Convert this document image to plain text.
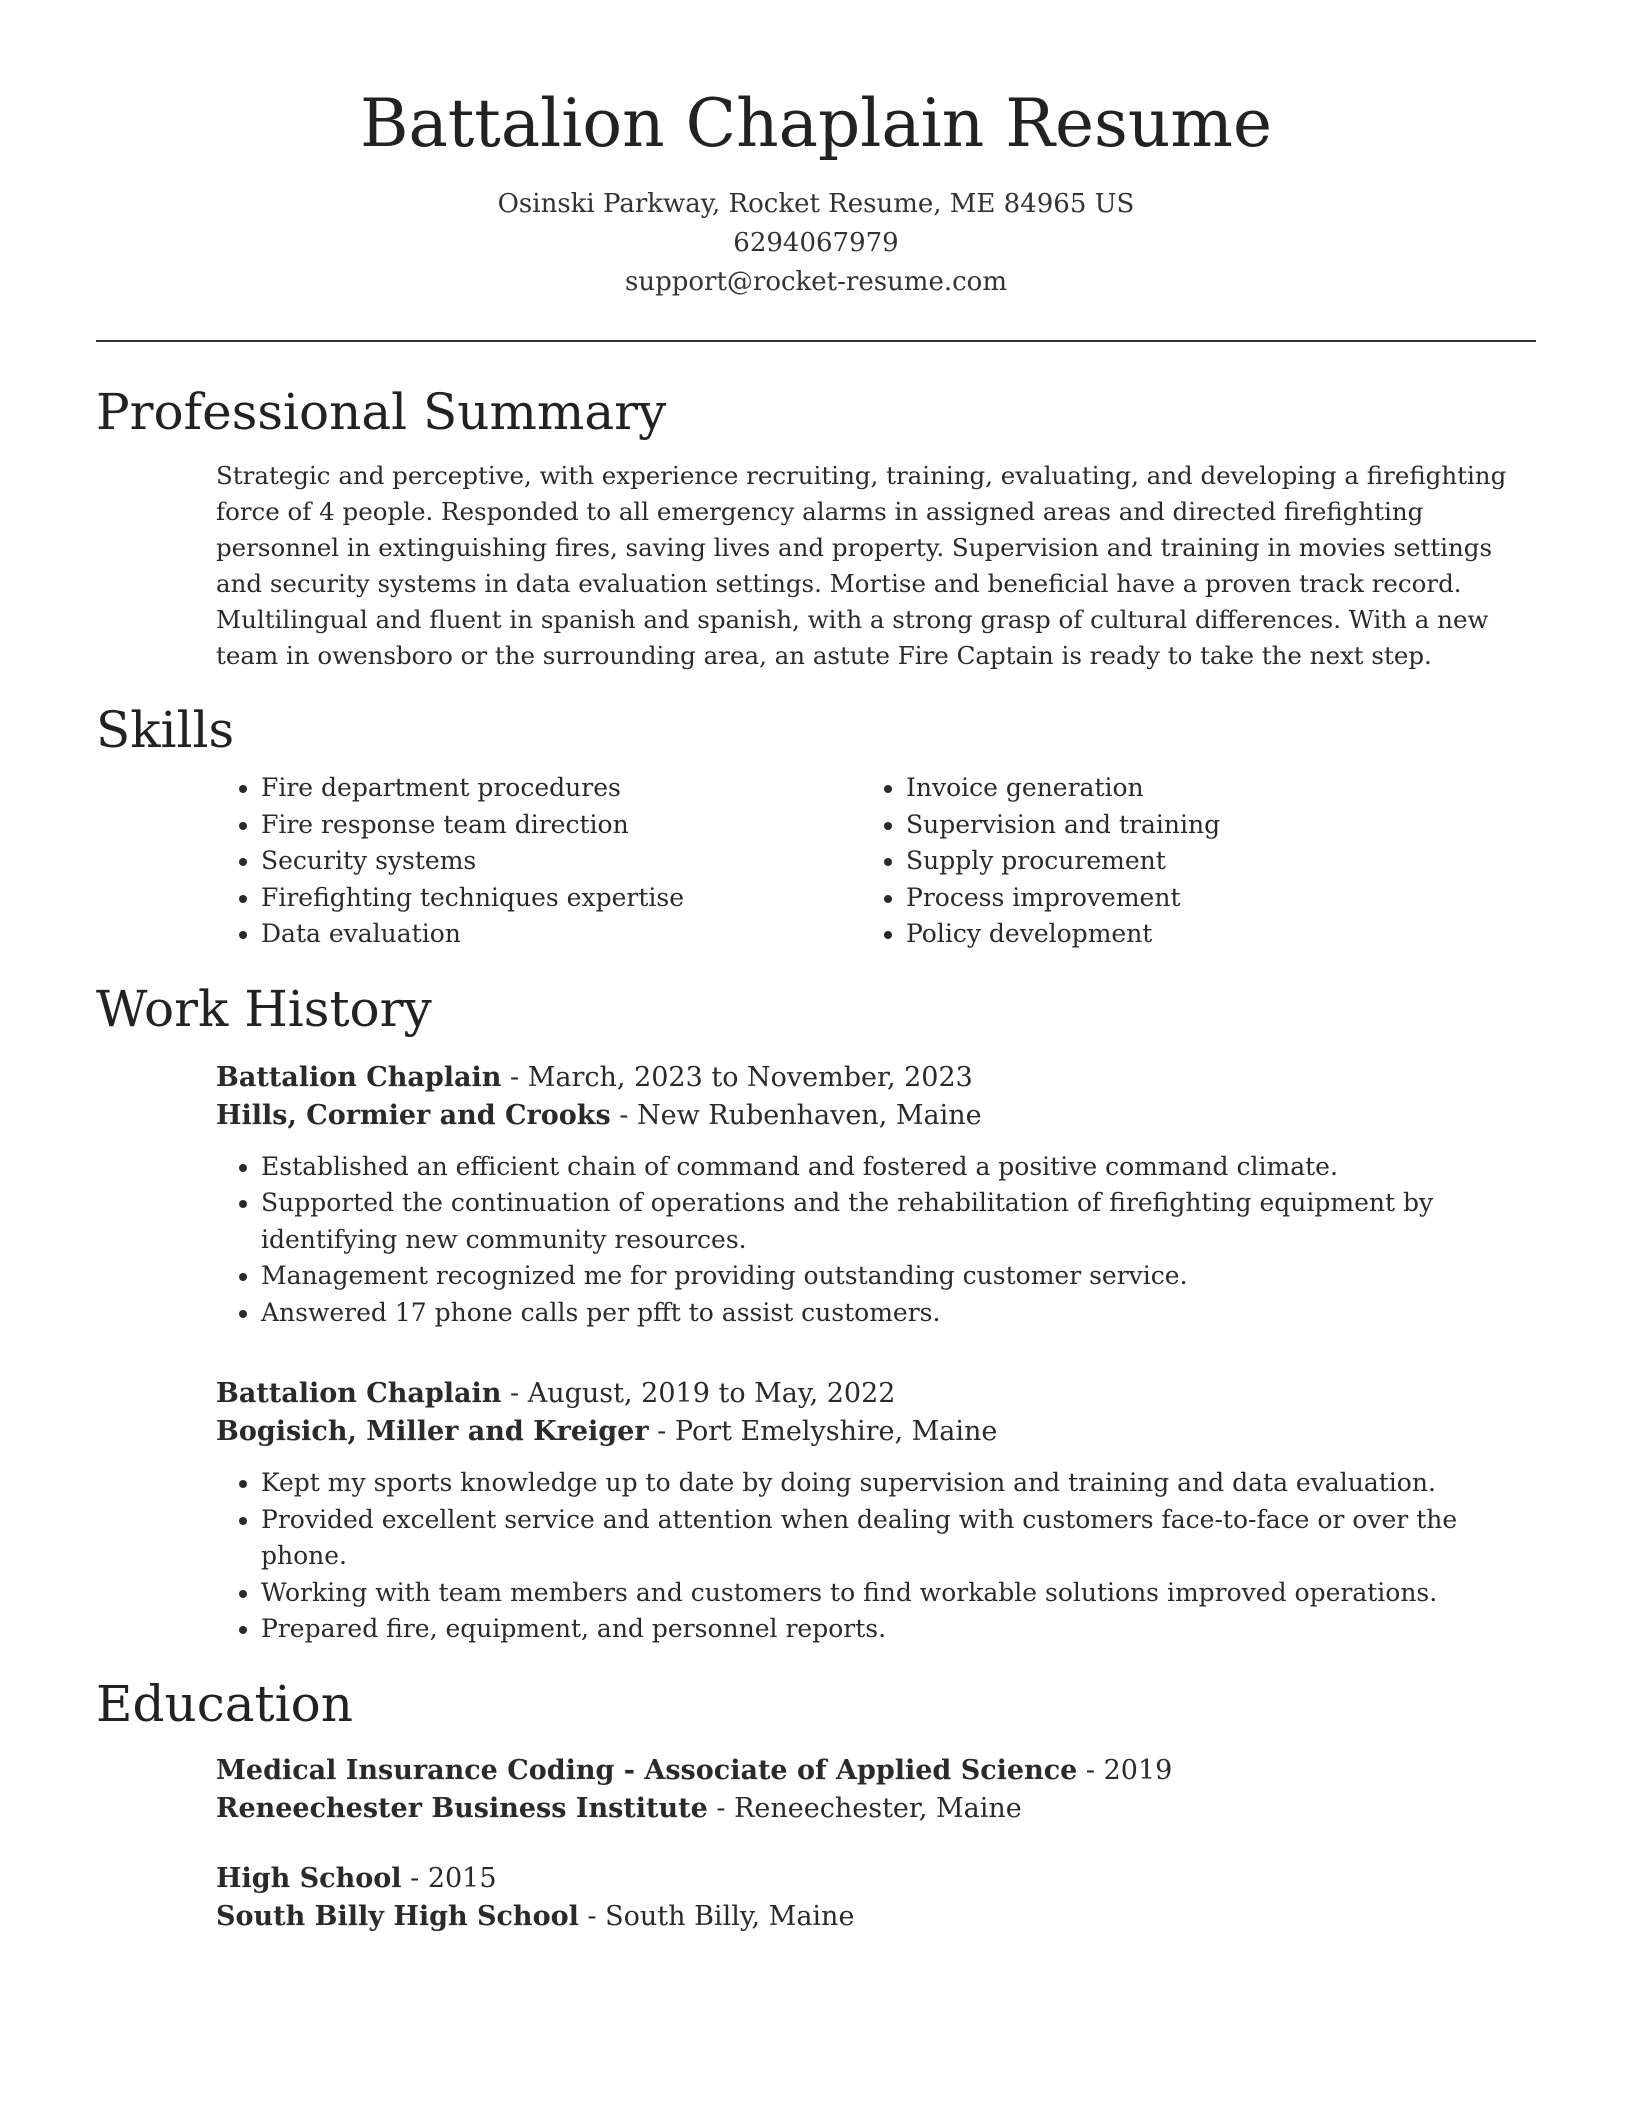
Battalion Chaplain Resume
Osinski Parkway, Rocket Resume, ME 84965 US
6294067979
support@rocket-resume.com
Professional Summary

Strategic and perceptive, with experience recruiting, training, evaluating, and developing a firefighting force of 4 people. Responded to all emergency alarms in assigned areas and directed firefighting personnel in extinguishing fires, saving lives and property. Supervision and training in movies settings and security systems in data evaluation settings. Mortise and beneficial have a proven track record. Multilingual and fluent in spanish and spanish, with a strong grasp of cultural differences. With a new team in owensboro or the surrounding area, an astute Fire Captain is ready to take the next step.

Skills
• Fire department procedures
• Fire response team direction
• Security systems
• Firefighting techniques expertise
• Data evaluation
• Invoice generation
• Supervision and training
• Supply procurement
• Process improvement
• Policy development
Work History
Battalion Chaplain - March, 2023 to November, 2023
Hills, Cormier and Crooks - New Rubenhaven, Maine
• Established an efficient chain of command and fostered a positive command climate.
• Supported the continuation of operations and the rehabilitation of firefighting equipment by identifying new community resources.
• Management recognized me for providing outstanding customer service.
• Answered 17 phone calls per pfft to assist customers.
Battalion Chaplain - August, 2019 to May, 2022
Bogisich, Miller and Kreiger - Port Emelyshire, Maine
• Kept my sports knowledge up to date by doing supervision and training and data evaluation.
• Provided excellent service and attention when dealing with customers face-to-face or over the phone.
• Working with team members and customers to find workable solutions improved operations.
• Prepared fire, equipment, and personnel reports.
Education
Medical Insurance Coding - Associate of Applied Science - 2019
Reneechester Business Institute - Reneechester, Maine
High School - 2015
South Billy High School - South Billy, Maine
